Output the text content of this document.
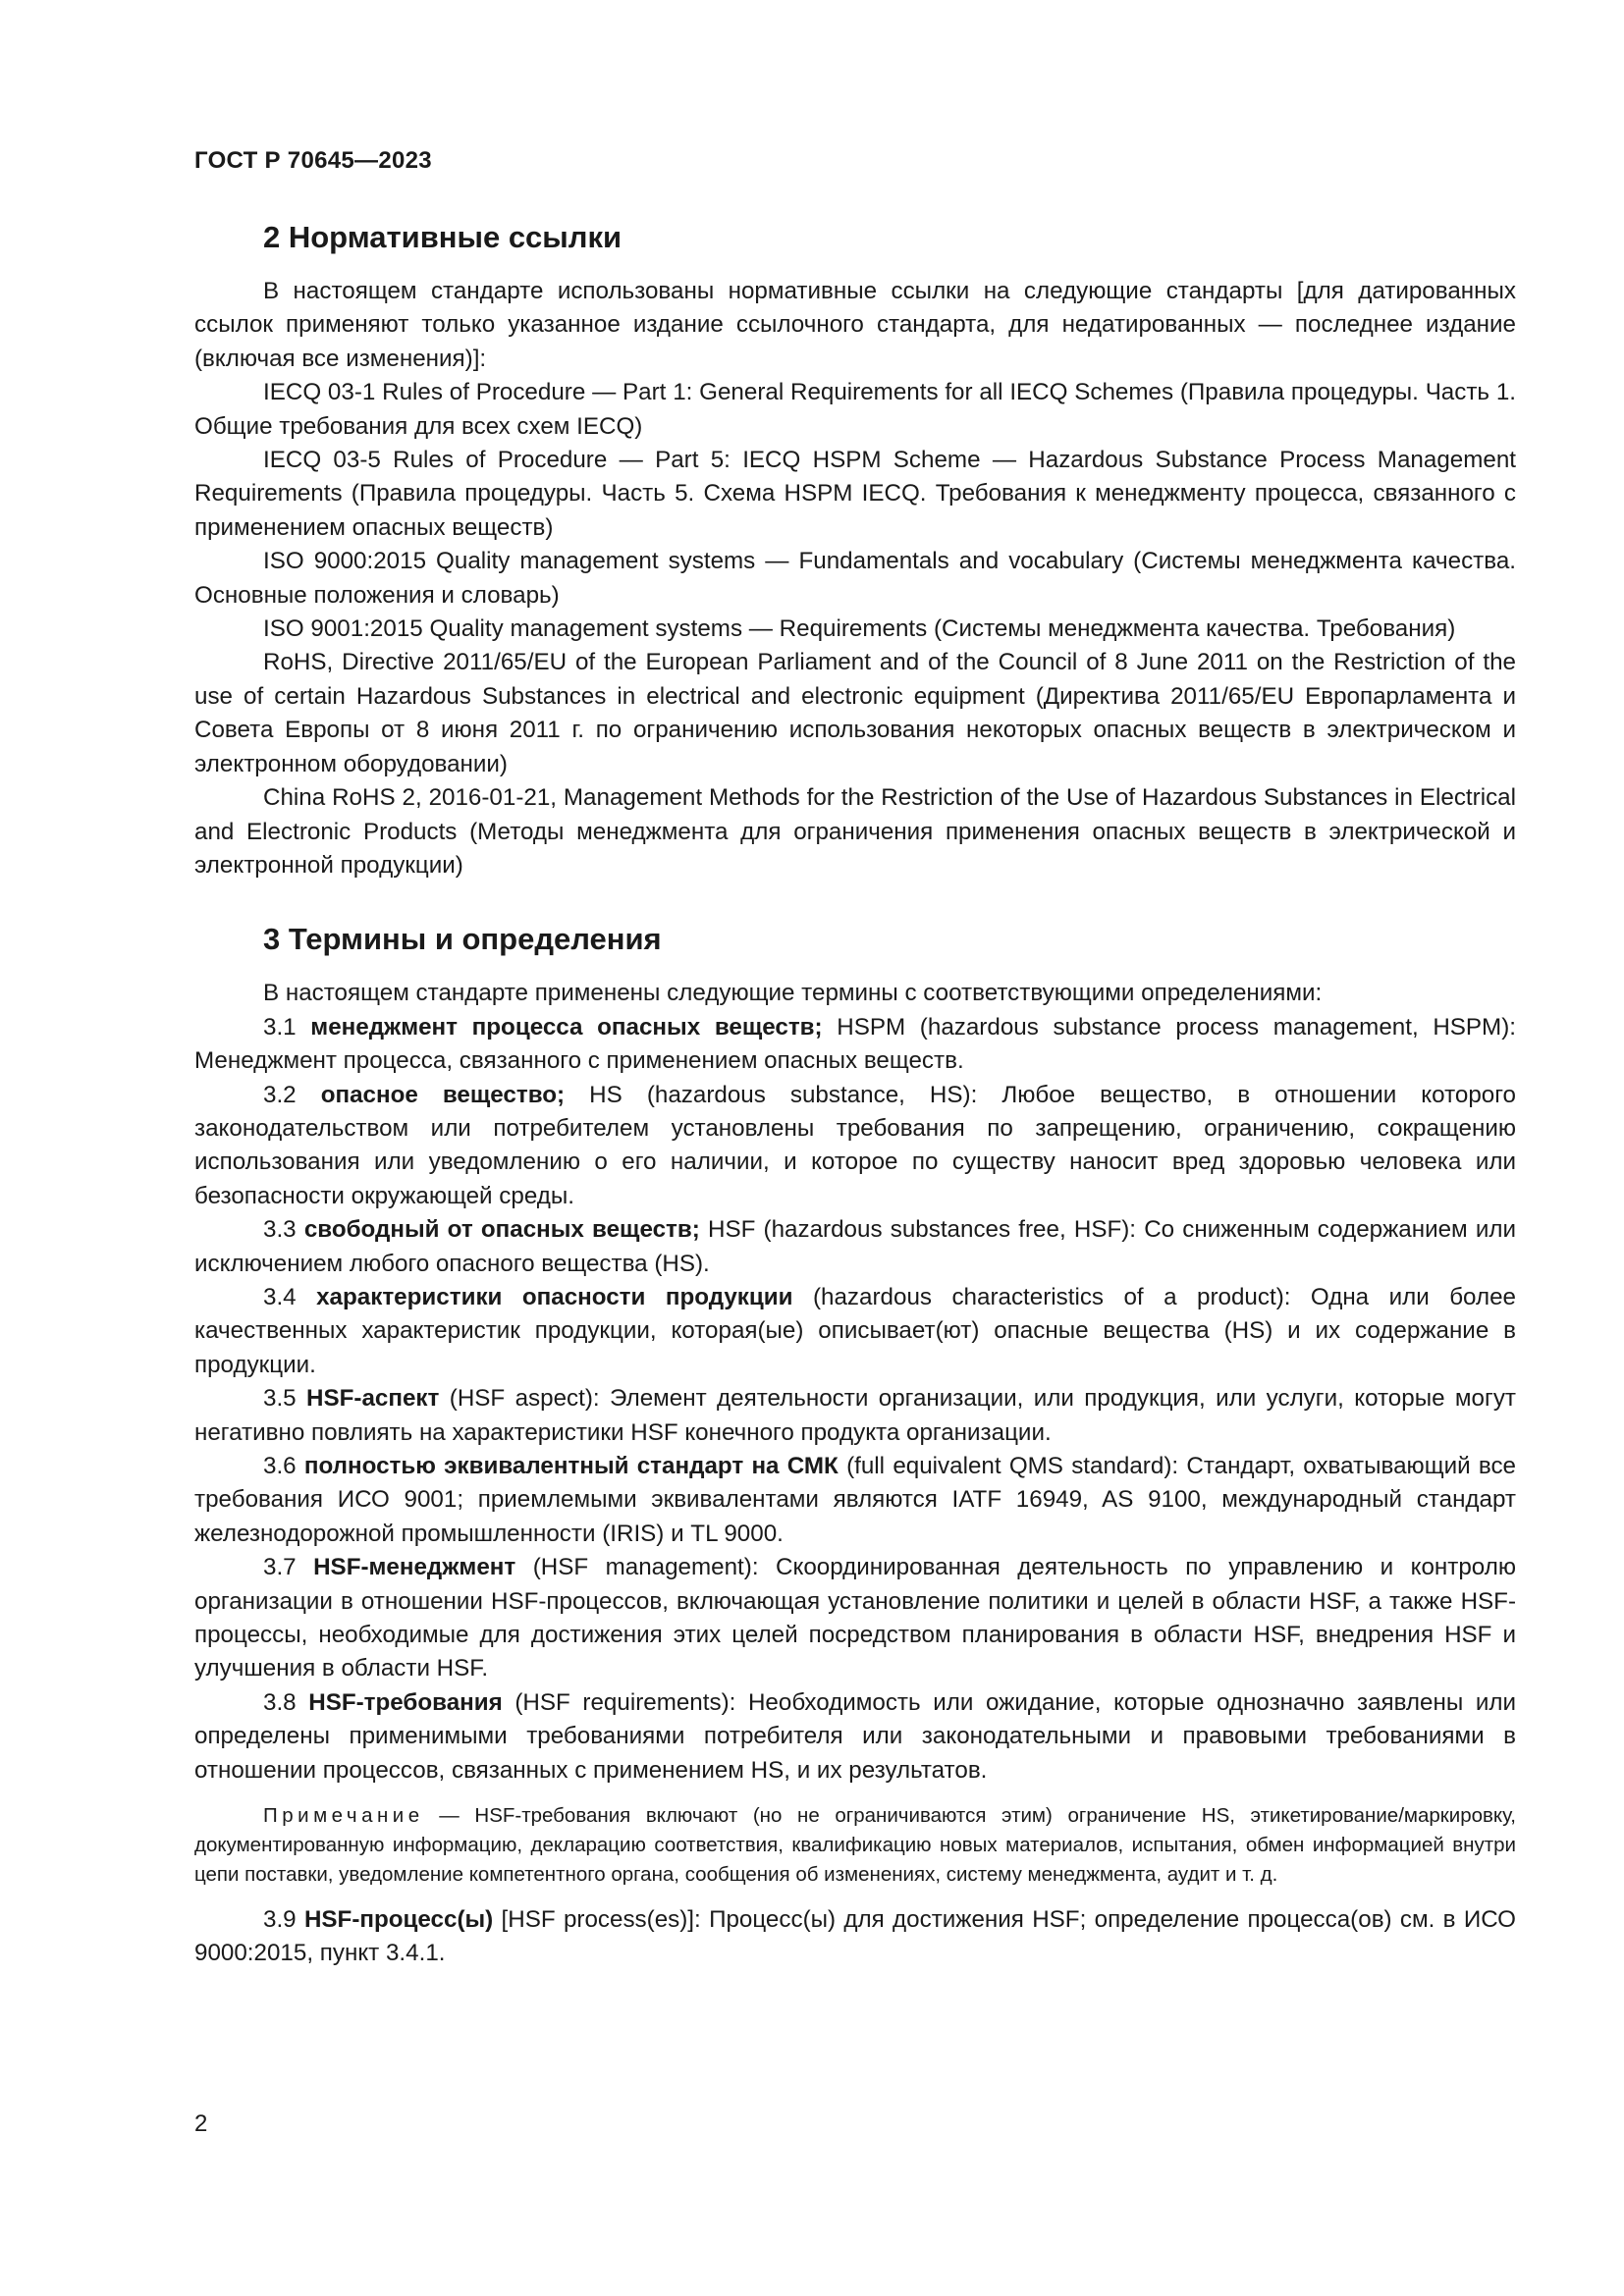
ГОСТ Р 70645—2023
2 Нормативные ссылки

В настоящем стандарте использованы нормативные ссылки на следующие стандарты [для датированных ссылок применяют только указанное издание ссылочного стандарта, для недатированных — последнее издание (включая все изменения)]:

IECQ 03-1 Rules of Procedure — Part 1: General Requirements for all IECQ Schemes (Правила процедуры. Часть 1. Общие требования для всех схем IECQ)

IECQ 03-5 Rules of Procedure — Part 5: IECQ HSPM Scheme — Hazardous Substance Process Management Requirements (Правила процедуры. Часть 5. Схема HSPM IECQ. Требования к менеджменту процесса, связанного с применением опасных веществ)

ISO 9000:2015 Quality management systems — Fundamentals and vocabulary (Системы менеджмента качества. Основные положения и словарь)

ISO 9001:2015 Quality management systems — Requirements (Системы менеджмента качества. Требования)

RoHS, Directive 2011/65/EU of the European Parliament and of the Council of 8 June 2011 on the Restriction of the use of certain Hazardous Substances in electrical and electronic equipment (Директива 2011/65/EU Европарламента и Совета Европы от 8 июня 2011 г. по ограничению использования некоторых опасных веществ в электрическом и электронном оборудовании)

China RoHS 2, 2016-01-21, Management Methods for the Restriction of the Use of Hazardous Substances in Electrical and Electronic Products (Методы менеджмента для ограничения применения опасных веществ в электрической и электронной продукции)

3 Термины и определения

В настоящем стандарте применены следующие термины с соответствующими определениями:

3.1 менеджмент процесса опасных веществ; HSPM (hazardous substance process management, HSPM): Менеджмент процесса, связанного с применением опасных веществ.

3.2 опасное вещество; HS (hazardous substance, HS): Любое вещество, в отношении которого законодательством или потребителем установлены требования по запрещению, ограничению, сокращению использования или уведомлению о его наличии, и которое по существу наносит вред здоровью человека или безопасности окружающей среды.

3.3 свободный от опасных веществ; HSF (hazardous substances free, HSF): Со сниженным содержанием или исключением любого опасного вещества (HS).

3.4 характеристики опасности продукции (hazardous characteristics of a product): Одна или более качественных характеристик продукции, которая(ые) описывает(ют) опасные вещества (HS) и их содержание в продукции.

3.5 HSF-аспект (HSF aspect): Элемент деятельности организации, или продукция, или услуги, которые могут негативно повлиять на характеристики HSF конечного продукта организации.

3.6 полностью эквивалентный стандарт на СМК (full equivalent QMS standard): Стандарт, охватывающий все требования ИСО 9001; приемлемыми эквивалентами являются IATF 16949, AS 9100, международный стандарт железнодорожной промышленности (IRIS) и TL 9000.

3.7 HSF-менеджмент (HSF management): Скоординированная деятельность по управлению и контролю организации в отношении HSF-процессов, включающая установление политики и целей в области HSF, а также HSF-процессы, необходимые для достижения этих целей посредством планирования в области HSF, внедрения HSF и улучшения в области HSF.

3.8 HSF-требования (HSF requirements): Необходимость или ожидание, которые однозначно заявлены или определены применимыми требованиями потребителя или законодательными и правовыми требованиями в отношении процессов, связанных с применением HS, и их результатов.

Примечание — HSF-требования включают (но не ограничиваются этим) ограничение HS, этикетирование/маркировку, документированную информацию, декларацию соответствия, квалификацию новых материалов, испытания, обмен информацией внутри цепи поставки, уведомление компетентного органа, сообщения об изменениях, систему менеджмента, аудит и т. д.

3.9 HSF-процесс(ы) [HSF process(es)]: Процесс(ы) для достижения HSF; определение процесса(ов) см. в ИСО 9000:2015, пункт 3.4.1.

2
